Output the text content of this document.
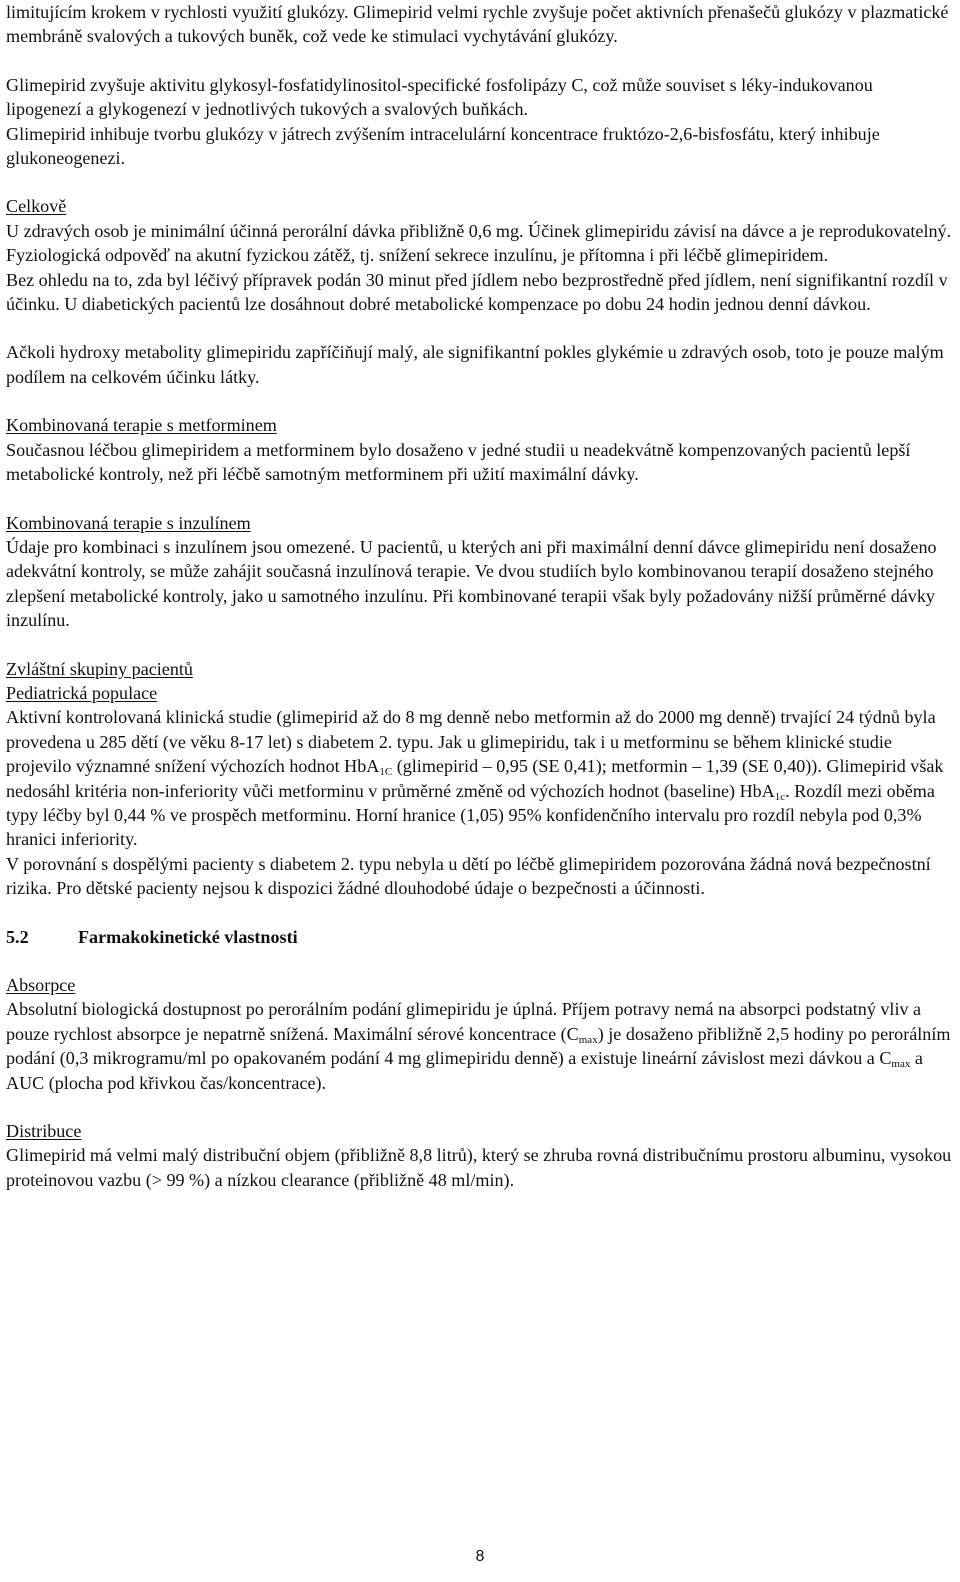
limitujícím krokem v rychlosti využití glukózy. Glimepirid velmi rychle zvyšuje počet aktivních přenašečů glukózy v plazmatické membráně svalových a tukových buněk, což vede ke stimulaci vychytávání glukózy.

Glimepirid zvyšuje aktivitu glykosyl-fosfatidylinositol-specifické fosfolipázy C, což může souviset s léky-indukovanou lipogenezí a glykogenezí v jednotlivých tukových a svalových buňkách.

Glimepirid inhibuje tvorbu glukózy v játrech zvýšením intracelulární koncentrace fruktózo-2,6-bisfosfátu, který inhibuje glukoneogenezi.

Celkově

U zdravých osob je minimální účinná perorální dávka přibližně 0,6 mg. Účinek glimepiridu závisí na dávce a je reprodukovatelný. Fyziologická odpověď na akutní fyzickou zátěž, tj. snížení sekrece inzulínu, je přítomna i při léčbě glimepiridem.

Bez ohledu na to, zda byl léčivý přípravek podán 30 minut před jídlem nebo bezprostředně před jídlem, není signifikantní rozdíl v účinku. U diabetických pacientů lze dosáhnout dobré metabolické kompenzace po dobu 24 hodin jednou denní dávkou.

Ačkoli hydroxy metabolity glimepiridu zapříčiňují malý, ale signifikantní pokles glykémie u zdravých osob, toto je pouze malým podílem na celkovém účinku látky.

Kombinovaná terapie s metforminem

Současnou léčbou glimepiridem a metforminem bylo dosaženo v jedné studii u neadekvátně kompenzovaných pacientů lepší metabolické kontroly, než při léčbě samotným metforminem při užití maximální dávky.

Kombinovaná terapie s inzulínem

Údaje pro kombinaci s inzulínem jsou omezené. U pacientů, u kterých ani při maximální denní dávce glimepiridu není dosaženo adekvátní kontroly, se může zahájit současná inzulínová terapie. Ve dvou studiích bylo kombinovanou terapií dosaženo stejného zlepšení metabolické kontroly, jako u samotného inzulínu. Při kombinované terapii však byly požadovány nižší průměrné dávky inzulínu.

Zvláštní skupiny pacientů

Pediatrická populace

Aktivní kontrolovaná klinická studie (glimepirid až do 8 mg denně nebo metformin až do 2000 mg denně) trvající 24 týdnů byla provedena u 285 dětí (ve věku 8-17 let) s diabetem 2. typu. Jak u glimepiridu, tak i u metforminu se během klinické studie projevilo významné snížení výchozích hodnot HbA$_{1C}$ (glimepirid – 0,95 (SE 0,41); metformin – 1,39 (SE 0,40)). Glimepirid však nedosáhl kritéria non-inferiority vůči metforminu v průměrné změně od výchozích hodnot (baseline) HbA$_{1c}$. Rozdíl mezi oběma typy léčby byl 0,44 % ve prospěch metforminu. Horní hranice (1,05) 95% konfidenčního intervalu pro rozdíl nebyla pod 0,3% hranici inferiority.

V porovnání s dospělými pacienty s diabetem 2. typu nebyla u dětí po léčbě glimepiridem pozorována žádná nová bezpečnostní rizika. Pro dětské pacienty nejsou k dispozici žádné dlouhodobé údaje o bezpečnosti a účinnosti.

5.2	Farmakokinetické vlastnosti

Absorpce

Absolutní biologická dostupnost po perorálním podání glimepiridu je úplná. Příjem potravy nemá na absorpci podstatný vliv a pouze rychlost absorpce je nepatrně snížená. Maximální sérové koncentrace $(C_{max})$ je dosaženo přibližně 2,5 hodiny po perorálním podání (0,3 mikrogramu/ml po opakovaném podání 4 mg glimepiridu denně) a existuje lineární závislost mezi dávkou a $C_{max}$ a AUC (plocha pod křivkou čas/koncentrace).

Distribuce

Glimepirid má velmi malý distribuční objem (přibližně 8,8 litrů), který se zhruba rovná distribučnímu prostoru albuminu, vysokou proteinovou vazbu (> 99 %) a nízkou clearance (přibližně 48 ml/min).

8
